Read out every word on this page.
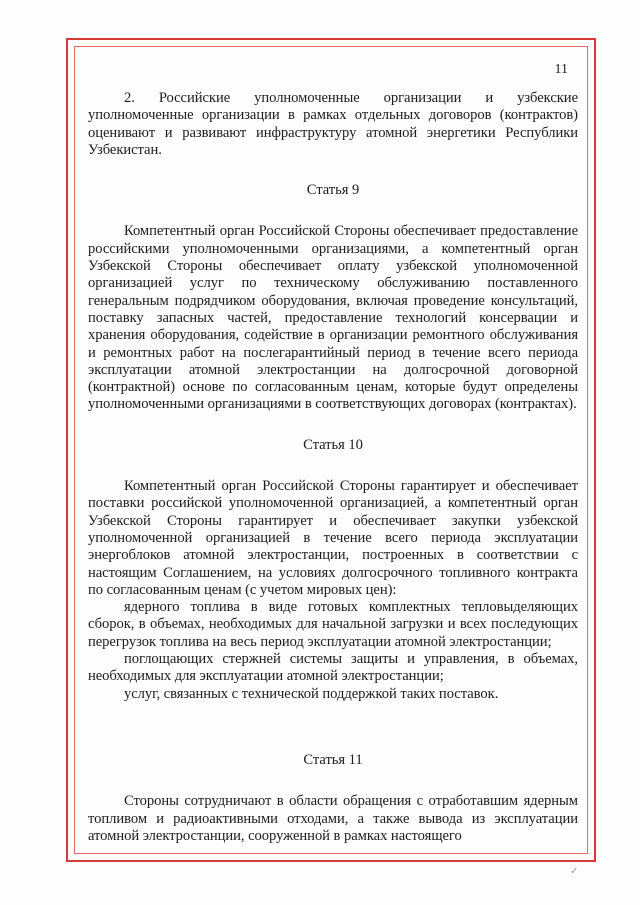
11

2. Российские уполномоченные организации и узбекские уполномоченные организации в рамках отдельных договоров (контрактов) оценивают и развивают инфраструктуру атомной энергетики Республики Узбекистан.

Статья 9

Компетентный орган Российской Стороны обеспечивает предоставление российскими уполномоченными организациями, а компетентный орган Узбекской Стороны обеспечивает оплату узбекской уполномоченной организацией услуг по техническому обслуживанию поставленного генеральным подрядчиком оборудования, включая проведение консультаций, поставку запасных частей, предоставление технологий консервации и хранения оборудования, содействие в организации ремонтного обслуживания и ремонтных работ на послегарантийный период в течение всего периода эксплуатации атомной электростанции на долгосрочной договорной (контрактной) основе по согласованным ценам, которые будут определены уполномоченными организациями в соответствующих договорах (контрактах).

Статья 10

Компетентный орган Российской Стороны гарантирует и обеспечивает поставки российской уполномоченной организацией, а компетентный орган Узбекской Стороны гарантирует и обеспечивает закупки узбекской уполномоченной организацией в течение всего периода эксплуатации энергоблоков атомной электростанции, построенных в соответствии с настоящим Соглашением, на условиях долгосрочного топливного контракта по согласованным ценам (с учетом мировых цен):

ядерного топлива в виде готовых комплектных тепловыделяющих сборок, в объемах, необходимых для начальной загрузки и всех последующих перегрузок топлива на весь период эксплуатации атомной электростанции;

поглощающих стержней системы защиты и управления, в объемах, необходимых для эксплуатации атомной электростанции;

услуг, связанных с технической поддержкой таких поставок.

Статья 11

Стороны сотрудничают в области обращения с отработавшим ядерным топливом и радиоактивными отходами, а также вывода из эксплуатации атомной электростанции, сооруженной в рамках настоящего

✓
